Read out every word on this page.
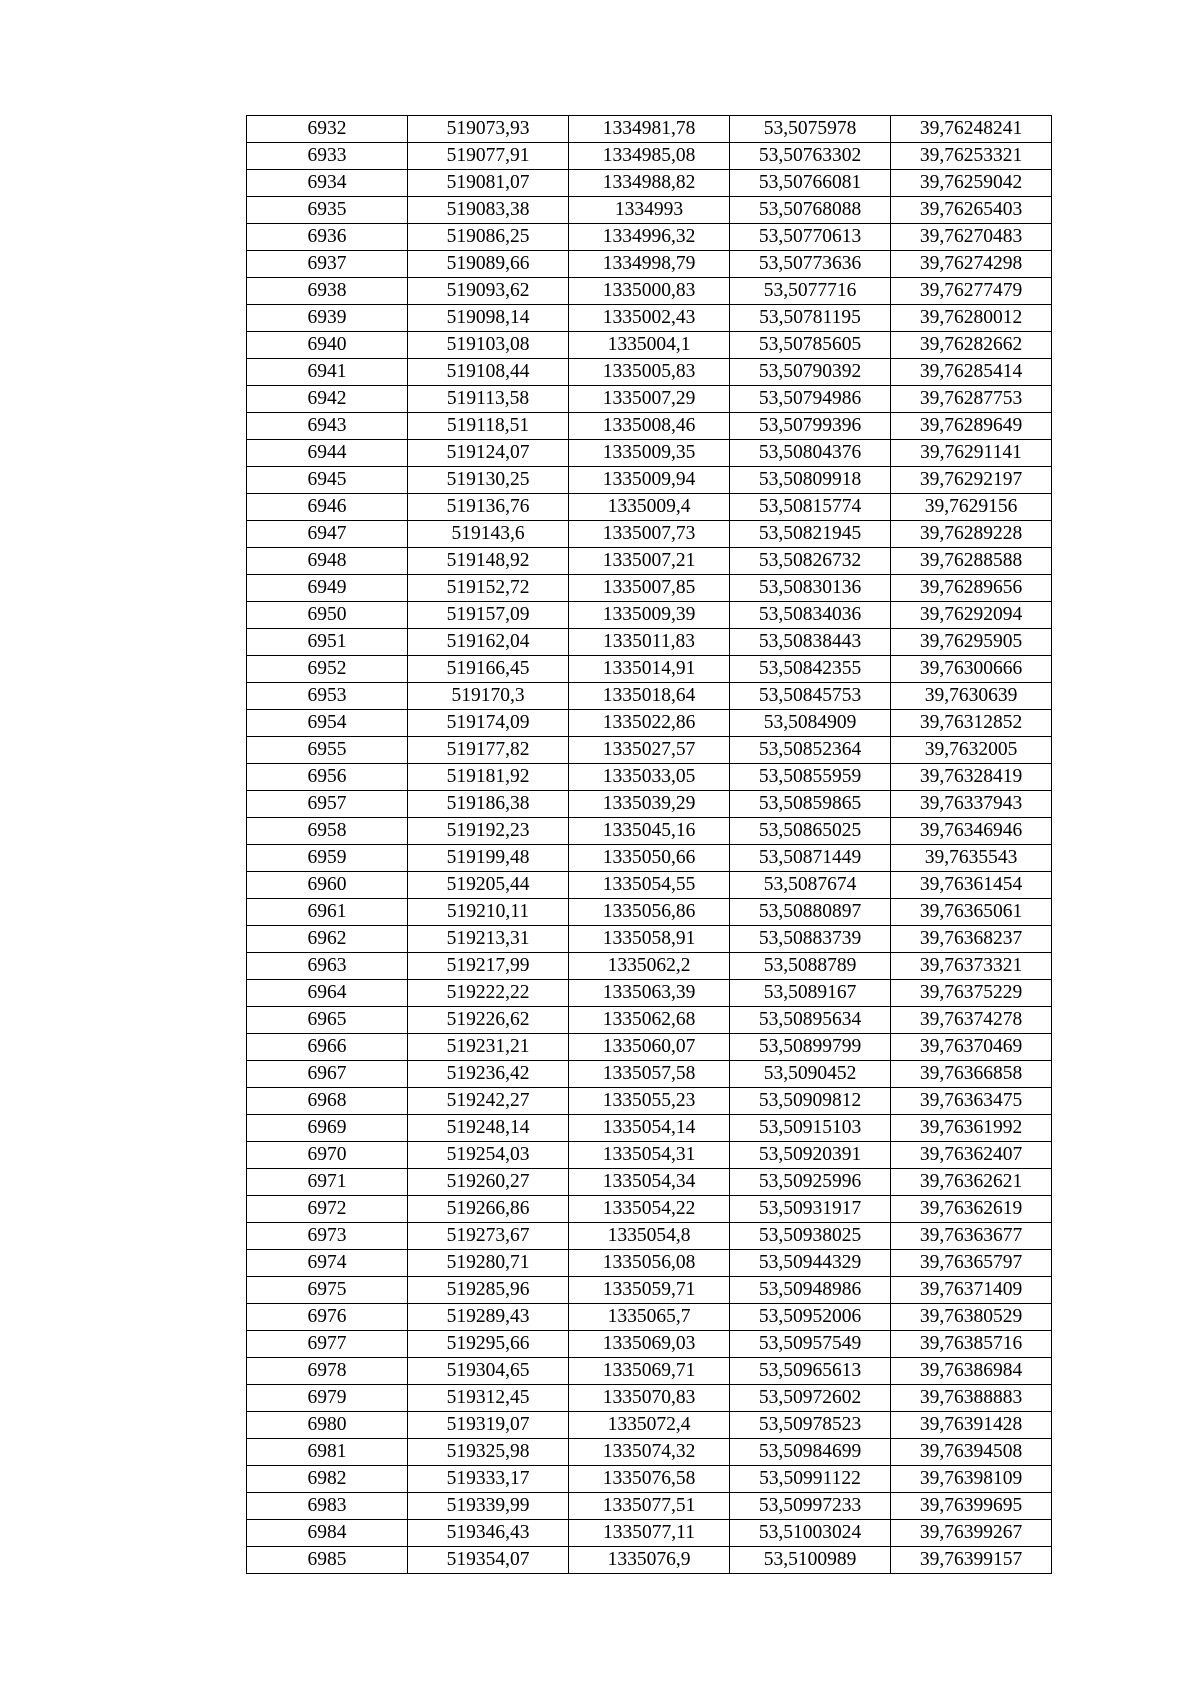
6932	519073,93	1334981,78	53,5075978	39,76248241
6933	519077,91	1334985,08	53,50763302	39,76253321
6934	519081,07	1334988,82	53,50766081	39,76259042
6935	519083,38	1334993	53,50768088	39,76265403
6936	519086,25	1334996,32	53,50770613	39,76270483
6937	519089,66	1334998,79	53,50773636	39,76274298
6938	519093,62	1335000,83	53,5077716	39,76277479
6939	519098,14	1335002,43	53,50781195	39,76280012
6940	519103,08	1335004,1	53,50785605	39,76282662
6941	519108,44	1335005,83	53,50790392	39,76285414
6942	519113,58	1335007,29	53,50794986	39,76287753
6943	519118,51	1335008,46	53,50799396	39,76289649
6944	519124,07	1335009,35	53,50804376	39,76291141
6945	519130,25	1335009,94	53,50809918	39,76292197
6946	519136,76	1335009,4	53,50815774	39,7629156
6947	519143,6	1335007,73	53,50821945	39,76289228
6948	519148,92	1335007,21	53,50826732	39,76288588
6949	519152,72	1335007,85	53,50830136	39,76289656
6950	519157,09	1335009,39	53,50834036	39,76292094
6951	519162,04	1335011,83	53,50838443	39,76295905
6952	519166,45	1335014,91	53,50842355	39,76300666
6953	519170,3	1335018,64	53,50845753	39,7630639
6954	519174,09	1335022,86	53,5084909	39,76312852
6955	519177,82	1335027,57	53,50852364	39,7632005
6956	519181,92	1335033,05	53,50855959	39,76328419
6957	519186,38	1335039,29	53,50859865	39,76337943
6958	519192,23	1335045,16	53,50865025	39,76346946
6959	519199,48	1335050,66	53,50871449	39,7635543
6960	519205,44	1335054,55	53,5087674	39,76361454
6961	519210,11	1335056,86	53,50880897	39,76365061
6962	519213,31	1335058,91	53,50883739	39,76368237
6963	519217,99	1335062,2	53,5088789	39,76373321
6964	519222,22	1335063,39	53,5089167	39,76375229
6965	519226,62	1335062,68	53,50895634	39,76374278
6966	519231,21	1335060,07	53,50899799	39,76370469
6967	519236,42	1335057,58	53,5090452	39,76366858
6968	519242,27	1335055,23	53,50909812	39,76363475
6969	519248,14	1335054,14	53,50915103	39,76361992
6970	519254,03	1335054,31	53,50920391	39,76362407
6971	519260,27	1335054,34	53,50925996	39,76362621
6972	519266,86	1335054,22	53,50931917	39,76362619
6973	519273,67	1335054,8	53,50938025	39,76363677
6974	519280,71	1335056,08	53,50944329	39,76365797
6975	519285,96	1335059,71	53,50948986	39,76371409
6976	519289,43	1335065,7	53,50952006	39,76380529
6977	519295,66	1335069,03	53,50957549	39,76385716
6978	519304,65	1335069,71	53,50965613	39,76386984
6979	519312,45	1335070,83	53,50972602	39,76388883
6980	519319,07	1335072,4	53,50978523	39,76391428
6981	519325,98	1335074,32	53,50984699	39,76394508
6982	519333,17	1335076,58	53,50991122	39,76398109
6983	519339,99	1335077,51	53,50997233	39,76399695
6984	519346,43	1335077,11	53,51003024	39,76399267
6985	519354,07	1335076,9	53,5100989	39,76399157
